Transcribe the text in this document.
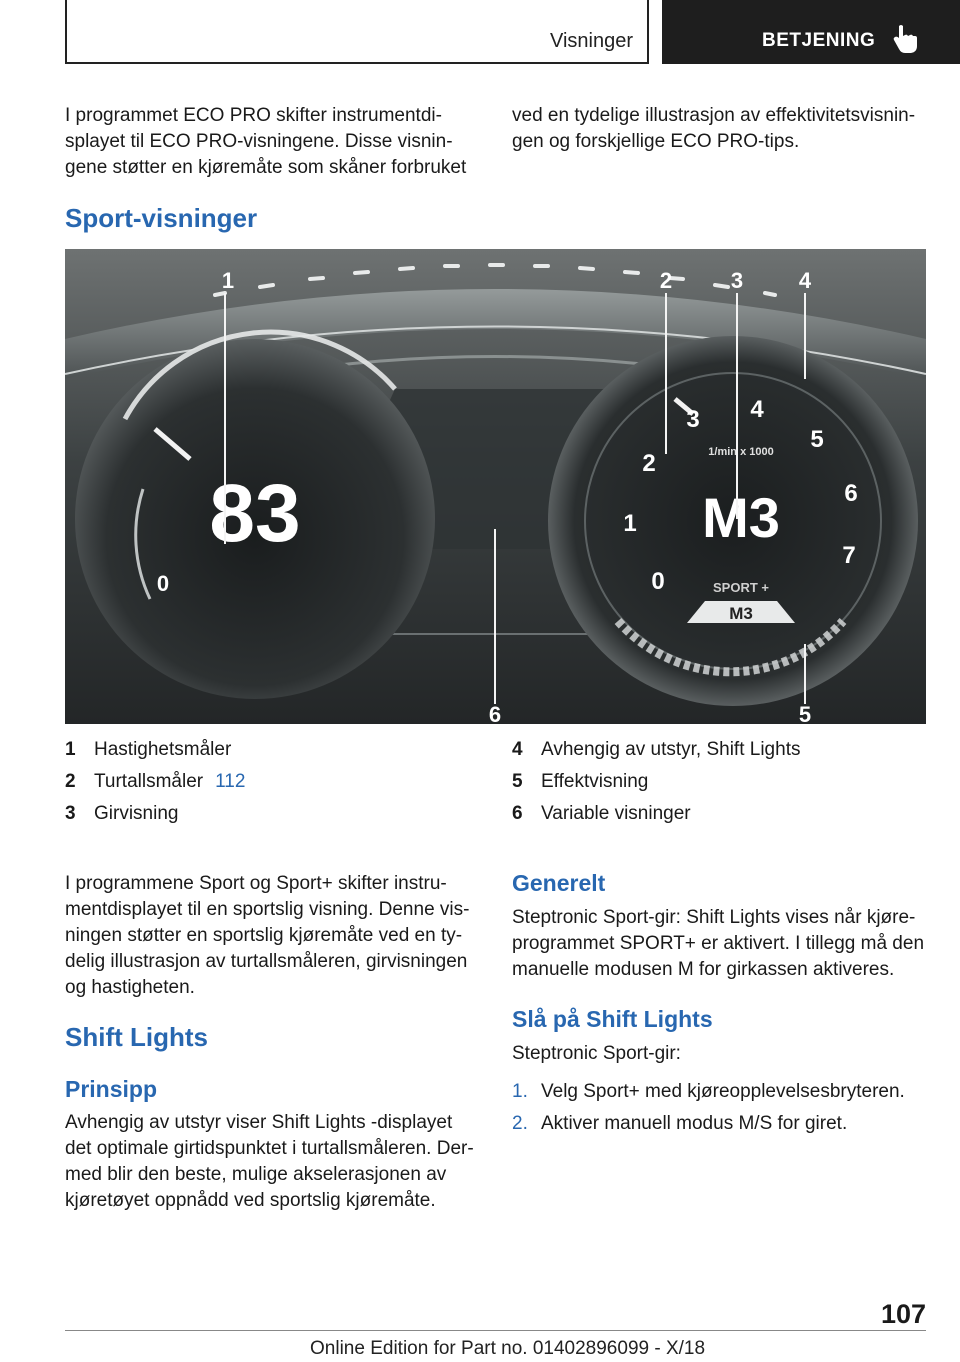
Visninger	BETJENING

I programmet ECO PRO skifter instrumentdi-splayet til ECO PRO-visningene. Disse visnin-gene støtter en kjøremåte som skåner forbruket

ved en tydelige illustrasjon av effektivitetsvisnin-gen og forskjellige ECO PRO-tips.

Sport-visninger
0
83
0
1
2
3 4
5
6
7
1/min x 1000
M3
SPORT +
M3
1	2	3	4
5
6
1 Hastighetsmåler
2 Turtallsmåler 112
3 Girvisning
4 Avhengig av utstyr, Shift Lights
5 Effektvisning
6 Variable visninger

I programmene Sport og Sport+ skifter instru-mentdisplayet til en sportslig visning. Denne vis-ningen støtter en sportslig kjøremåte ved en ty-delig illustrasjon av turtallsmåleren, girvisningen og hastigheten.

Shift Lights
Prinsipp

Avhengig av utstyr viser Shift Lights -displayet det optimale girtidspunktet i turtallsmåleren. Der-med blir den beste, mulige akselerasjonen av kjøretøyet oppnådd ved sportslig kjøremåte.

Generelt

Steptronic Sport-gir: Shift Lights vises når kjøre-programmet SPORT+ er aktivert. I tillegg må den manuelle modusen M for girkassen aktiveres.

Slå på Shift Lights

Steptronic Sport-gir:

1. Velg Sport+ med kjøreopplevelsesbryteren.
2. Aktiver manuell modus M/S for giret.
107
Online Edition for Part no. 01402896099 - X/18
